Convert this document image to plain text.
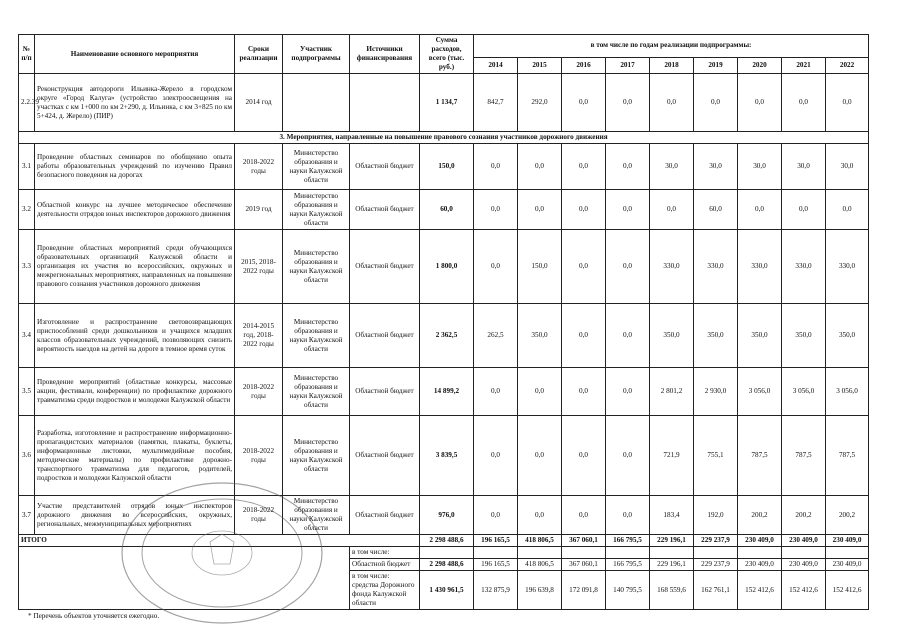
№ п/п	Наименование основного мероприятия	Сроки реализации	Участник подпрограммы	Источники финансирования	Сумма расходов, всего (тыс. руб.)	в том числе по годам реализации подпрограммы:								
						2014	2015	2016	2017	2018	2019	2020	2021	2022
2.2.39	Реконструкция автодороги Ильинка-Жерело в городском округе «Город Калуга» (устройство электроосвещения на участках с км 1+000 по км 2+290, д. Ильинка, с км 3+825 по км 5+424, д. Жерело) (ПИР)	2014 год			1 134,7	842,7	292,0	0,0	0,0	0,0	0,0	0,0	0,0	0,0
3. Мероприятия, направленные на повышение правового сознания участников дорожного движения														
3.1	Проведение областных семинаров по обобщению опыта работы образовательных учреждений по изучению Правил безопасного поведения на дорогах	2018-2022 годы	Министерство образования и науки Калужской области	Областной бюджет	150,0	0,0	0,0	0,0	0,0	30,0	30,0	30,0	30,0	30,0
3.2	Областной конкурс на лучшее методическое обеспечение деятельности отрядов юных инспекторов дорожного движения	2019 год	Министерство образования и науки Калужской области	Областной бюджет	60,0	0,0	0,0	0,0	0,0	0,0	60,0	0,0	0,0	0,0
3.3	Проведение областных мероприятий среди обучающихся образовательных организаций Калужской области и организация их участия во всероссийских, окружных и межрегиональных мероприятиях, направленных на повышение правового сознания участников дорожного движения	2015, 2018-2022 годы	Министерство образования и науки Калужской области	Областной бюджет	1 800,0	0,0	150,0	0,0	0,0	330,0	330,0	330,0	330,0	330,0
3.4	Изготовление и распространение световозвращающих приспособлений среди дошкольников и учащихся младших классов образовательных учреждений, позволяющих снизить вероятность наездов на детей на дороге в темное время суток	2014-2015 год, 2018-2022 годы	Министерство образования и науки Калужской области	Областной бюджет	2 362,5	262,5	350,0	0,0	0,0	350,0	350,0	350,0	350,0	350,0
3.5	Проведение мероприятий (областные конкурсы, массовые акции, фестивали, конференции) по профилактике дорожного травматизма среди подростков и молодежи Калужской области	2018-2022 годы	Министерство образования и науки Калужской области	Областной бюджет	14 899,2	0,0	0,0	0,0	0,0	2 801,2	2 930,0	3 056,0	3 056,0	3 056,0
3.6	Разработка, изготовление и распространение информационно-пропагандистских материалов (памятки, плакаты, буклеты, информационные листовки, мультимедийные пособия, методические материалы) по профилактике дорожно-транспортного травматизма для педагогов, родителей, подростков и молодежи Калужской области	2018-2022 годы	Министерство образования и науки Калужской области	Областной бюджет	3 839,5	0,0	0,0	0,0	0,0	721,9	755,1	787,5	787,5	787,5
3.7	Участие представителей отрядов юных инспекторов дорожного движения во всероссийских, окружных, региональных, межмуниципальных мероприятиях	2018-2022 годы	Министерство образования и науки Калужской области	Областной бюджет	976,0	0,0	0,0	0,0	0,0	183,4	192,0	200,2	200,2	200,2
ИТОГО					2 298 488,6	196 165,5	418 806,5	367 060,1	166 795,5	229 196,1	229 237,9	230 409,0	230 409,0	230 409,0
				в том числе:										
				Областной бюджет	2 298 488,6	196 165,5	418 806,5	367 060,1	166 795,5	229 196,1	229 237,9	230 409,0	230 409,0	230 409,0
				в том числе: средства Дорожного фонда Калужской области	1 430 961,5	132 875,9	196 639,8	172 091,8	140 795,5	168 559,6	162 761,1	152 412,6	152 412,6	152 412,6
* Перечень объектов уточняется ежегодно.
